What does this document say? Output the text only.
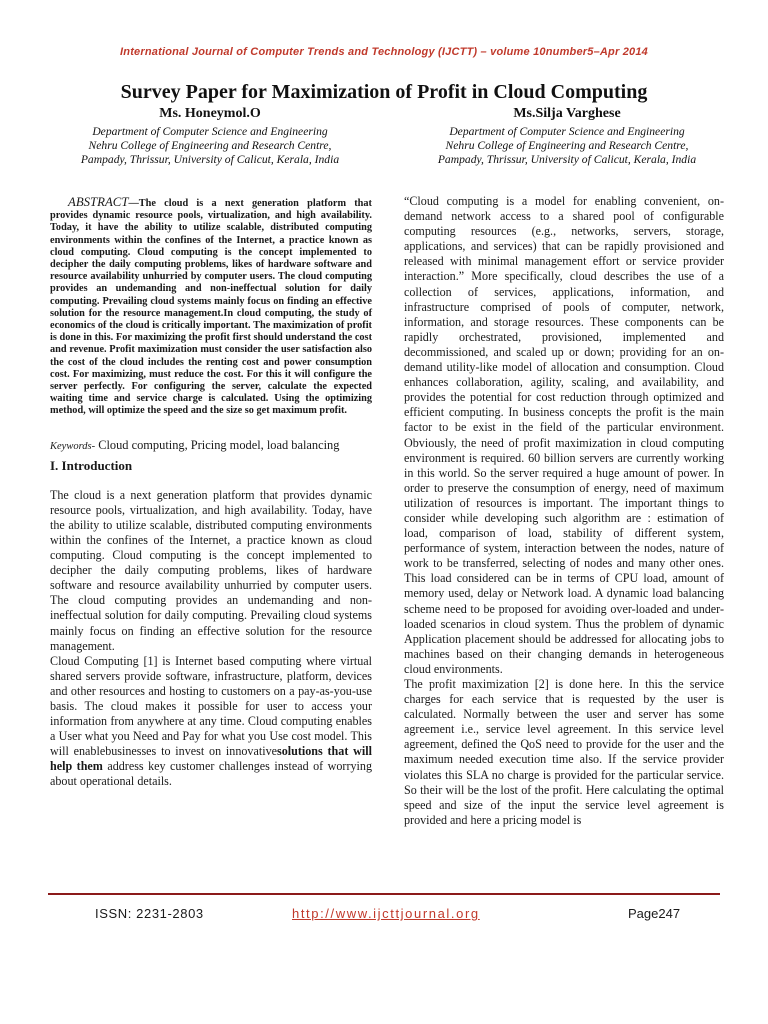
International Journal of Computer Trends and Technology (IJCTT) – volume 10number5–Apr 2014
Survey Paper for Maximization of Profit in Cloud Computing
Ms. Honeymol.O
Department of Computer Science and Engineering
Nehru College of Engineering and Research Centre,
Pampady, Thrissur, University of Calicut, Kerala, India
Ms.Silja Varghese
Department of Computer Science and Engineering
Nehru College of Engineering and Research Centre,
Pampady, Thrissur, University of Calicut, Kerala, India

ABSTRACT—The cloud is a next generation platform that provides dynamic resource pools, virtualization, and high availability. Today, it have the ability to utilize scalable, distributed computing environments within the confines of the Internet, a practice known as cloud computing. Cloud computing is the concept implemented to decipher the daily computing problems, likes of hardware software and resource availability unhurried by computer users. The cloud computing provides an undemanding and non-ineffectual solution for daily computing. Prevailing cloud systems mainly focus on finding an effective solution for the resource management.In cloud computing, the study of economics of the cloud is critically important. The maximization of profit is done in this. For maximizing the profit first should understand the cost and revenue. Profit maximization must consider the user satisfaction also the cost of the cloud includes the renting cost and power consumption cost. For maximizing, must reduce the cost. For this it will configure the server perfectly. For configuring the server, calculate the expected waiting time and service charge is calculated. Using the optimizing method, will optimize the speed and the size so get maximum profit.

Keywords- Cloud computing, Pricing model, load balancing

I. Introduction

The cloud is a next generation platform that provides dynamic resource pools, virtualization, and high availability. Today, have the ability to utilize scalable, distributed computing environments within the confines of the Internet, a practice known as cloud computing. Cloud computing is the concept implemented to decipher the daily computing problems, likes of hardware software and resource availability unhurried by computer users. The cloud computing provides an undemanding and non-ineffectual solution for daily computing. Prevailing cloud systems mainly focus on finding an effective solution for the resource management.

Cloud Computing [1] is Internet based computing where virtual shared servers provide software, infrastructure, platform, devices and other resources and hosting to customers on a pay-as-you-use basis. The cloud makes it possible for user to access your information from anywhere at any time. Cloud computing enables a User what you Need and Pay for what you Use cost model. This will enablebusinesses to invest on innovativesolutions that will help them address key customer challenges instead of worrying about operational details.

“Cloud computing is a model for enabling convenient, on-demand network access to a shared pool of configurable computing resources (e.g., networks, servers, storage, applications, and services) that can be rapidly provisioned and released with minimal management effort or service provider interaction.” More specifically, cloud describes the use of a collection of services, applications, information, and infrastructure comprised of pools of computer, network, information, and storage resources. These components can be rapidly orchestrated, provisioned, implemented and decommissioned, and scaled up or down; providing for an on-demand utility-like model of allocation and consumption. Cloud enhances collaboration, agility, scaling, and availability, and provides the potential for cost reduction through optimized and efficient computing. In business concepts the profit is the main factor to be exist in the field of the particular environment. Obviously, the need of profit maximization in cloud computing environment is required. 60 billion servers are currently working in this world. So the server required a huge amount of power. In order to preserve the consumption of energy, need of maximum utilization of resources is important. The important things to consider while developing such algorithm are : estimation of load, comparison of load, stability of different system, performance of system, interaction between the nodes, nature of work to be transferred, selecting of nodes and many other ones. This load considered can be in terms of CPU load, amount of memory used, delay or Network load. A dynamic load balancing scheme need to be proposed for avoiding over-loaded and under-loaded scenarios in cloud system. Thus the problem of dynamic Application placement should be addressed for allocating jobs to machines based on their changing demands in heterogeneous cloud environments.

The profit maximization [2] is done here. In this the service charges for each service that is requested by the user is calculated. Normally between the user and server has some agreement i.e., service level agreement. In this service level agreement, defined the QoS need to provide for the user and the maximum needed execution time also. If the service provider violates this SLA no charge is provided for the particular service. So their will be the lost of the profit. Here calculating the optimal speed and size of the input the service level agreement is provided and here a pricing model is

ISSN: 2231-2803	http://www.ijcttjournal.org	Page247
